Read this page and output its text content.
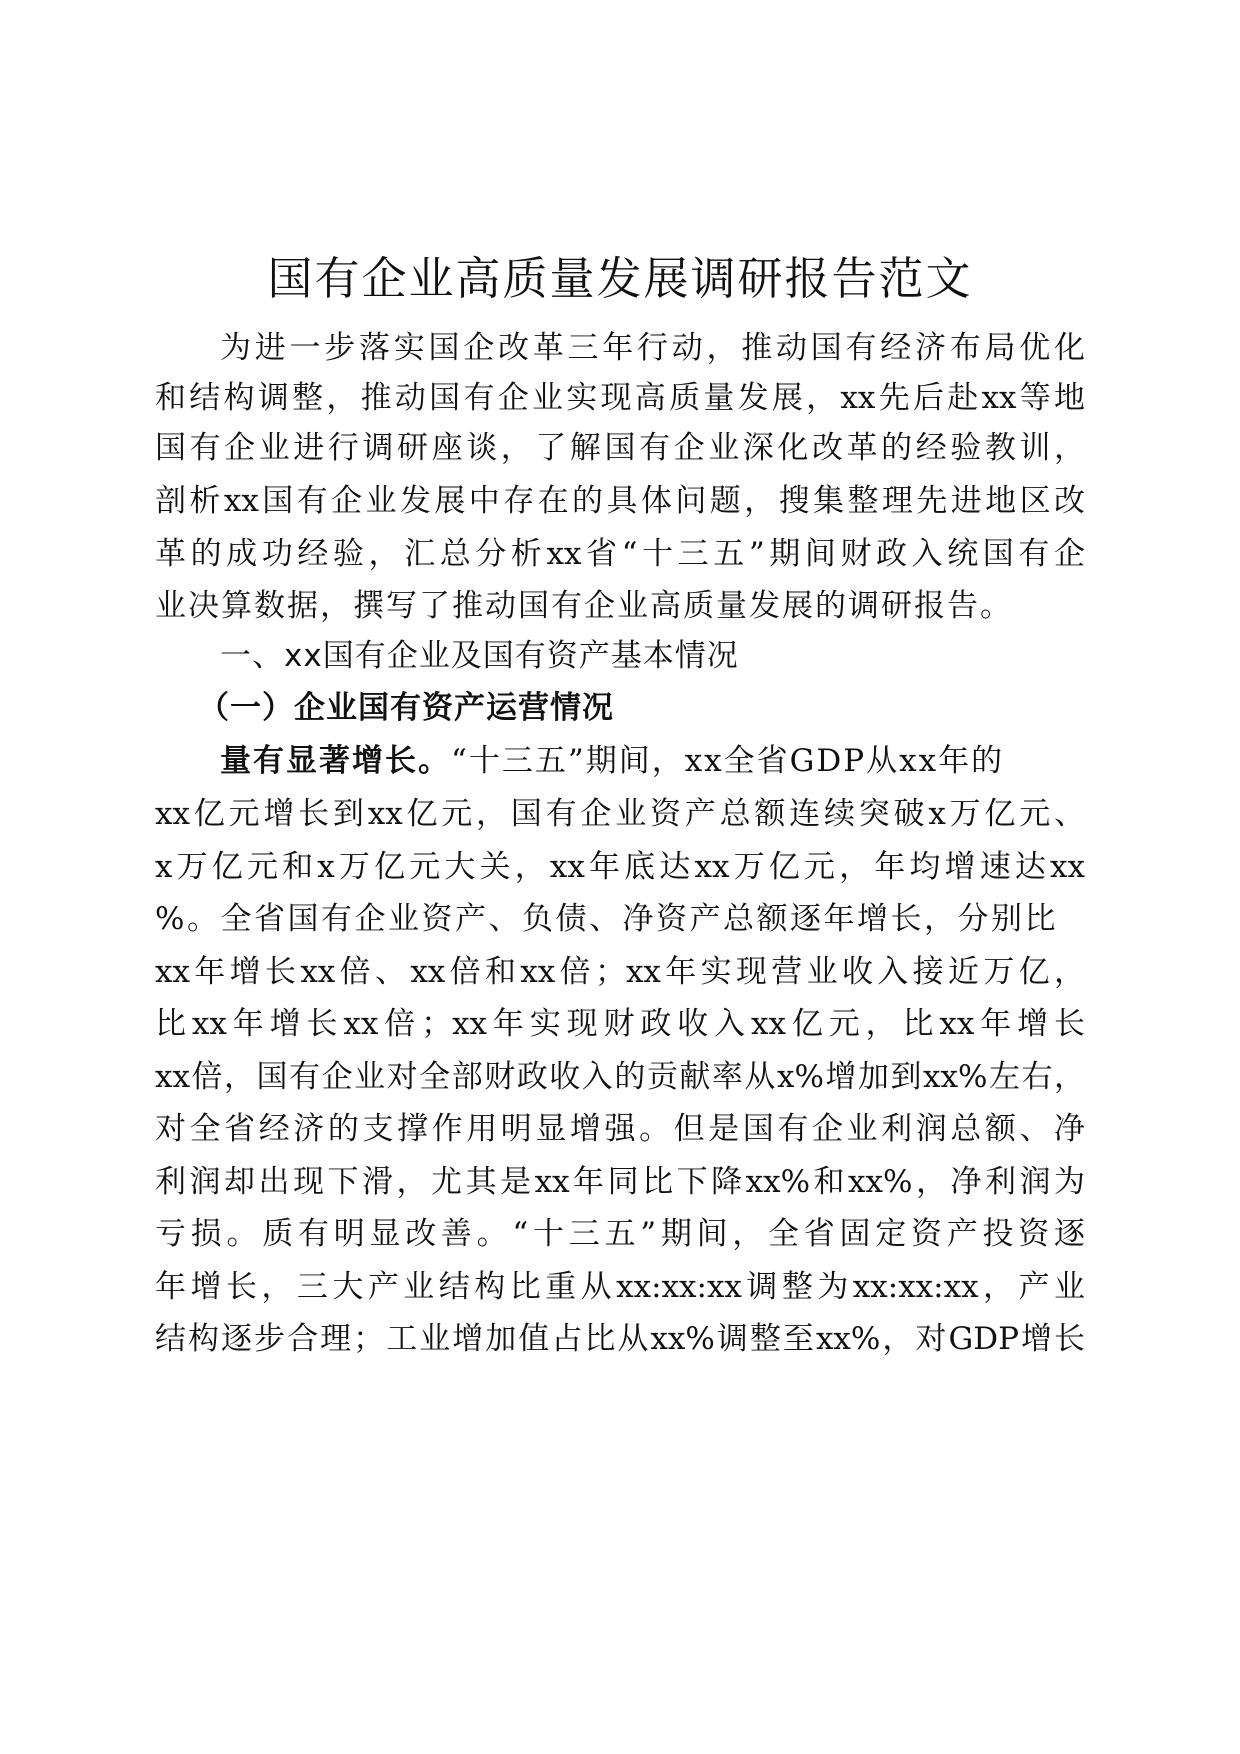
国有企业高质量发展调研报告范文
为进一步落实国企改革三年行动，推动国有经济布局优化
和结构调整，推动国有企业实现高质量发展，xx先后赴xx等地
国有企业进行调研座谈，了解国有企业深化改革的经验教训，
剖析xx国有企业发展中存在的具体问题，搜集整理先进地区改
革的成功经验，汇总分析xx省“十三五”期间财政入统国有企
业决算数据，撰写了推动国有企业高质量发展的调研报告。
一、xx国有企业及国有资产基本情况
（一）企业国有资产运营情况
量有显著增长。“十三五”期间，xx全省GDP从xx年的
xx亿元增长到xx亿元，国有企业资产总额连续突破x万亿元、
x万亿元和x万亿元大关，xx年底达xx万亿元，年均增速达xx
%。全省国有企业资产、负债、净资产总额逐年增长，分别比
xx年增长xx倍、xx倍和xx倍；xx年实现营业收入接近万亿，
比xx年增长xx倍；xx年实现财政收入xx亿元，比xx年增长
xx倍，国有企业对全部财政收入的贡献率从x%增加到xx%左右，
对全省经济的支撑作用明显增强。但是国有企业利润总额、净
利润却出现下滑，尤其是xx年同比下降xx%和xx%，净利润为
亏损。质有明显改善。“十三五”期间，全省固定资产投资逐
年增长，三大产业结构比重从xx:xx:xx调整为xx:xx:xx，产业
结构逐步合理；工业增加值占比从xx%调整至xx%，对GDP增长
